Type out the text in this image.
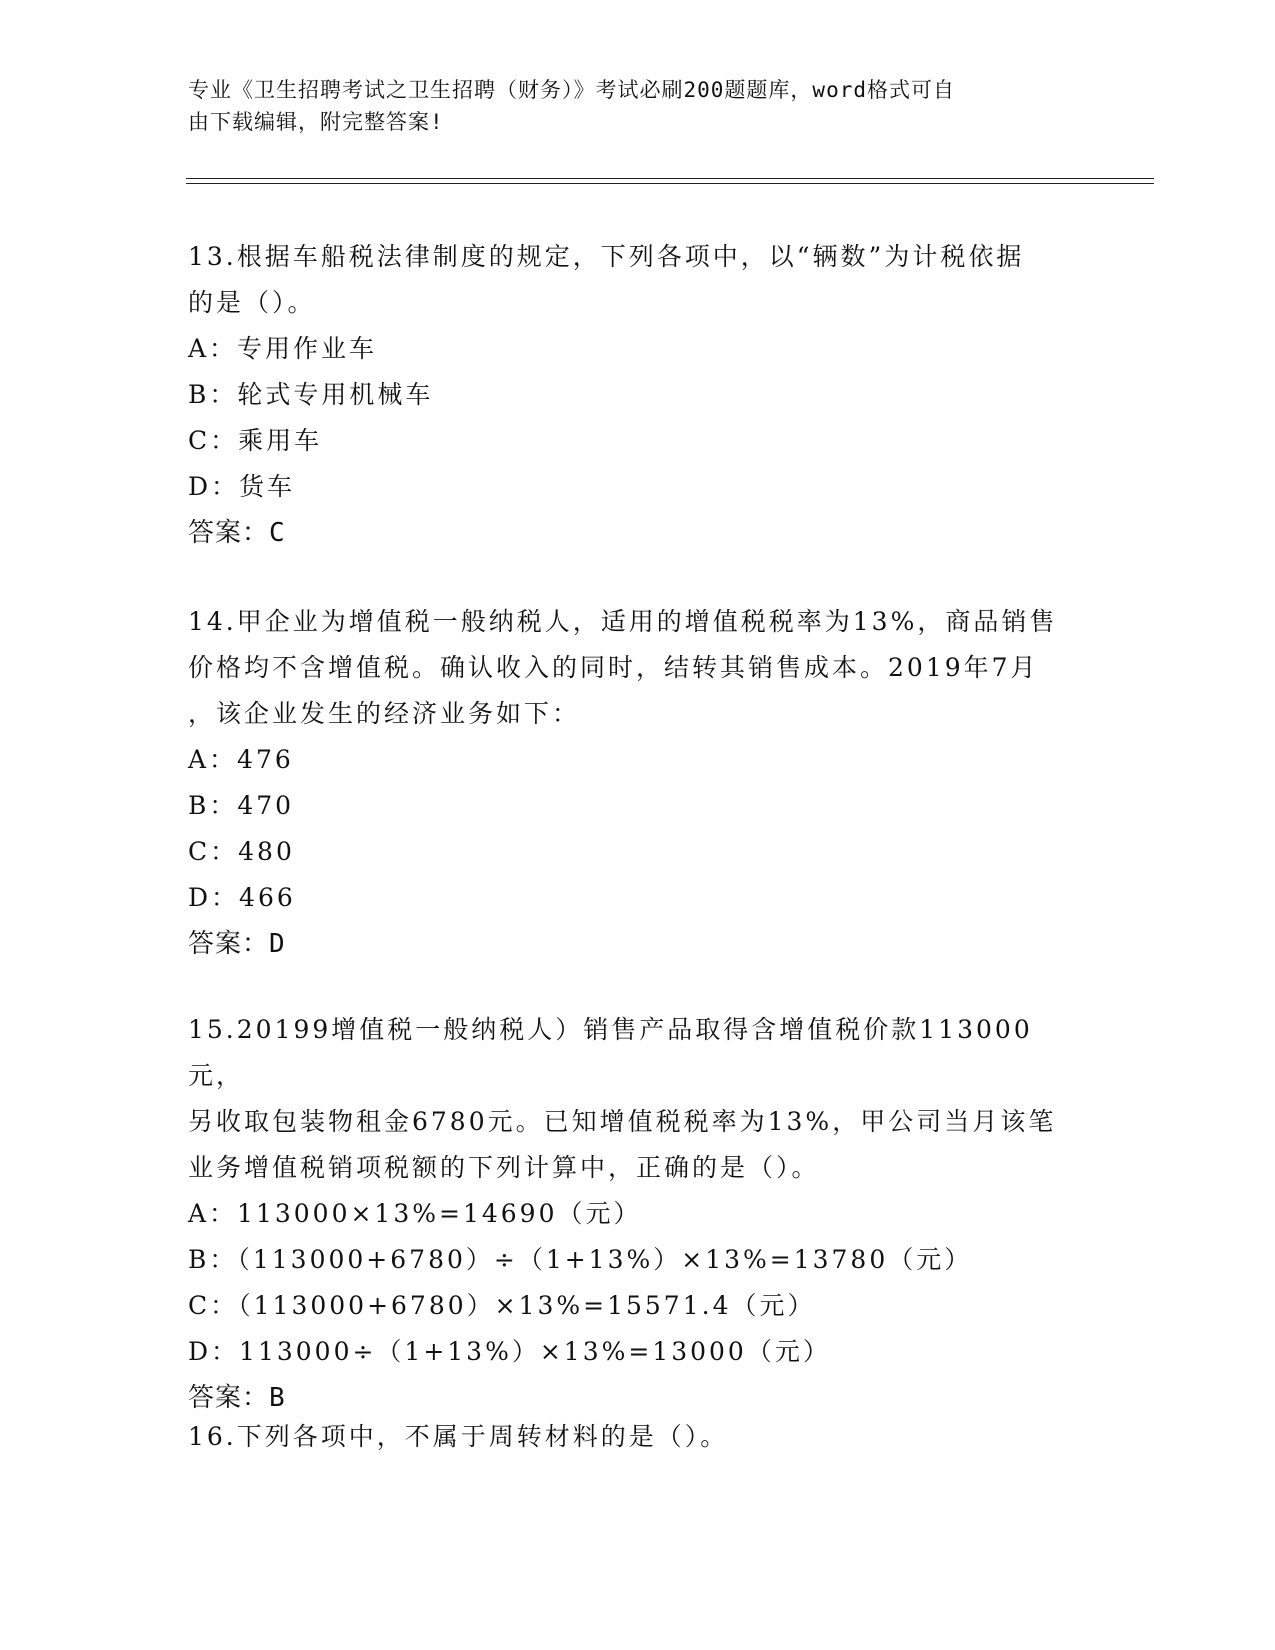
专业《卫生招聘考试之卫生招聘（财务）》考试必刷200题题库，word格式可自
由下载编辑，附完整答案!
13.根据车船税法律制度的规定，下列各项中，以“辆数”为计税依据
的是（）。
A：专用作业车
B：轮式专用机械车
C：乘用车
D：货车
答案：C
14.甲企业为增值税一般纳税人，适用的增值税税率为13%，商品销售
价格均不含增值税。确认收入的同时，结转其销售成本。2019年7月
，该企业发生的经济业务如下：
A：476
B：470
C：480
D：466
答案：D
15.20199增值税一般纳税人）销售产品取得含增值税价款113000元，
另收取包装物租金6780元。已知增值税税率为13%，甲公司当月该笔
业务增值税销项税额的下列计算中，正确的是（）。
A：113000×13%=14690（元）
B：（113000+6780）÷（1+13%）×13%=13780（元）
C：（113000+6780）×13%=15571.4（元）
D：113000÷（1+13%）×13%=13000（元）
答案：B
16.下列各项中，不属于周转材料的是（）。
